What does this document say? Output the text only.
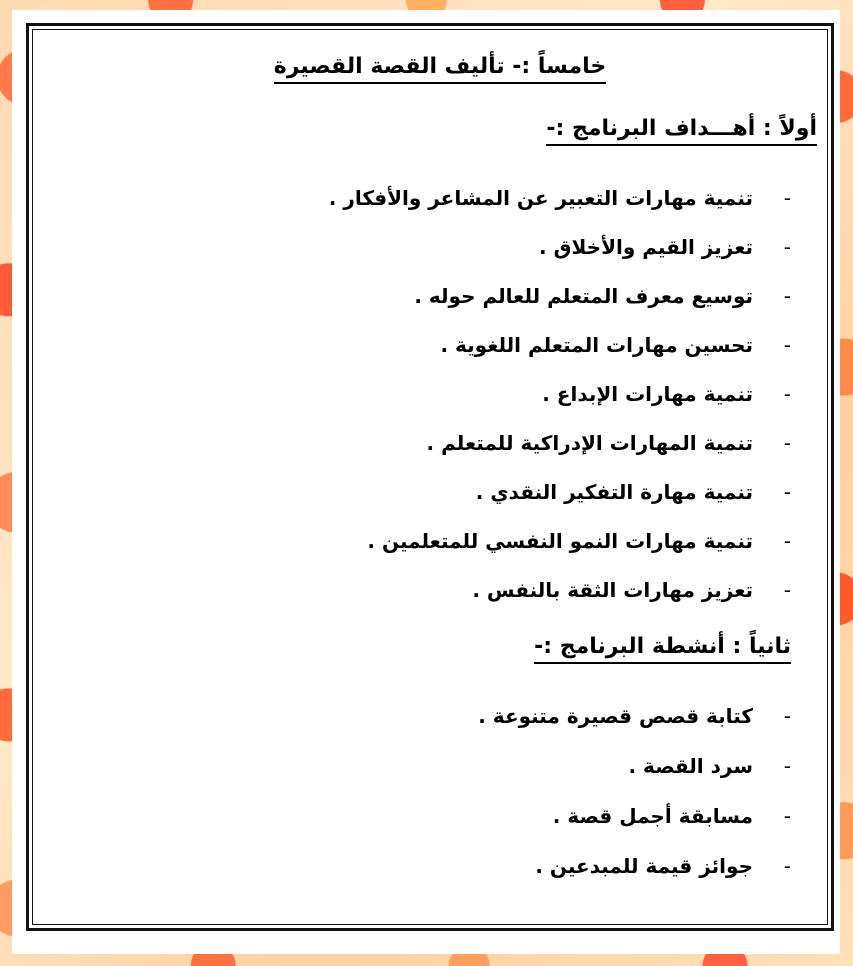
خامساً :- تأليف القصة القصيرة
أولاً : أهـــداف البرنامج :-
-
تنمية مهارات التعبير عن المشاعر والأفكار .
-
تعزيز القيم والأخلاق .
-
توسيع معرف المتعلم للعالم حوله .
-
تحسين مهارات المتعلم اللغوية .
-
تنمية مهارات الإبداع .
-
تنمية المهارات الإدراكية للمتعلم .
-
تنمية مهارة التفكير النقدي .
-
تنمية مهارات النمو النفسي للمتعلمين .
-
تعزيز مهارات الثقة بالنفس .
ثانياً : أنشطة البرنامج :-
-
كتابة قصص قصيرة متنوعة .
-
سرد القصة .
-
مسابقة أجمل قصة .
-
جوائز قيمة للمبدعين .
